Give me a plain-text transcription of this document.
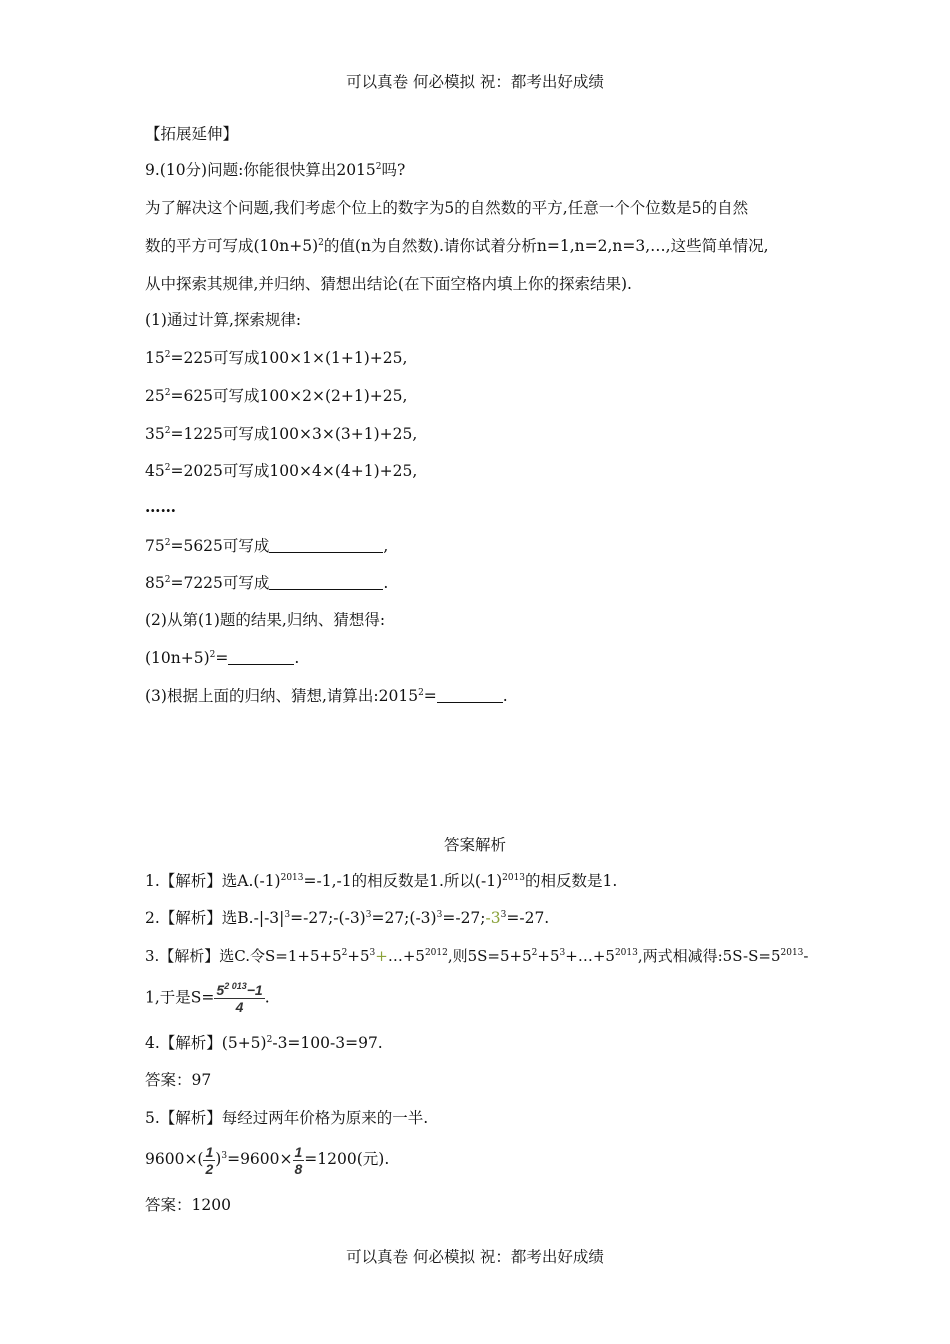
可以真卷 何必模拟 祝：都考出好成绩
【拓展延伸】
9.(10分)问题:你能很快算出2015$^2$吗?
为了解决这个问题,我们考虑个位上的数字为5的自然数的平方,任意一个个位数是5的自然
数的平方可写成$(10n+5)^2$的值(n为自然数).请你试着分析n=1,n=2,n=3,…,这些简单情况,
从中探索其规律,并归纳、猜想出结论(在下面空格内填上你的探索结果).
(1)通过计算,探索规律:
$15^2=225$可写成100×1×(1+1)+25,
$25^2=625$可写成100×2×(2+1)+25,
$35^2=1225$可写成100×3×(3+1)+25,
$45^2=2025$可写成100×4×(4+1)+25,
……
$75^2=5625$可写成	,
$85^2=7225$可写成	.
(2)从第(1)题的结果,归纳、猜想得:
$(10n+5)^2=$	.
(3)根据上面的归纳、猜想,请算出$:2015^2=$	.
答案解析
1.【解析】选$A.(-1)^{2013}=-1,-1$的相反数是1.所以$(-1)^{2013}$的相反数是1.
2.【解析】选$B.-|-3|^3=-27;-(-3)^3=27;(-3)^3=-27;-3^3=-27$.
3.【解析】选C.令$S=1+5+5^2+5^3+\dots+5^{2012}$,则$5S=5+5^2+5^3+\dots+5^{2013}$,两式相减得$:5S-S=5^{2013}-$
1,于是$S= \frac{5^{2 013}-1}{4}$ .
4.【解析】$(5+5)^2-3=100-3=97$.
答案：97
5.【解析】每经过两年价格为原来的一半.
$9600\times( \frac{1}{2} )^3=9600\times \frac{1}{8} =1200$(元).
答案：1200
可以真卷 何必模拟 祝：都考出好成绩
